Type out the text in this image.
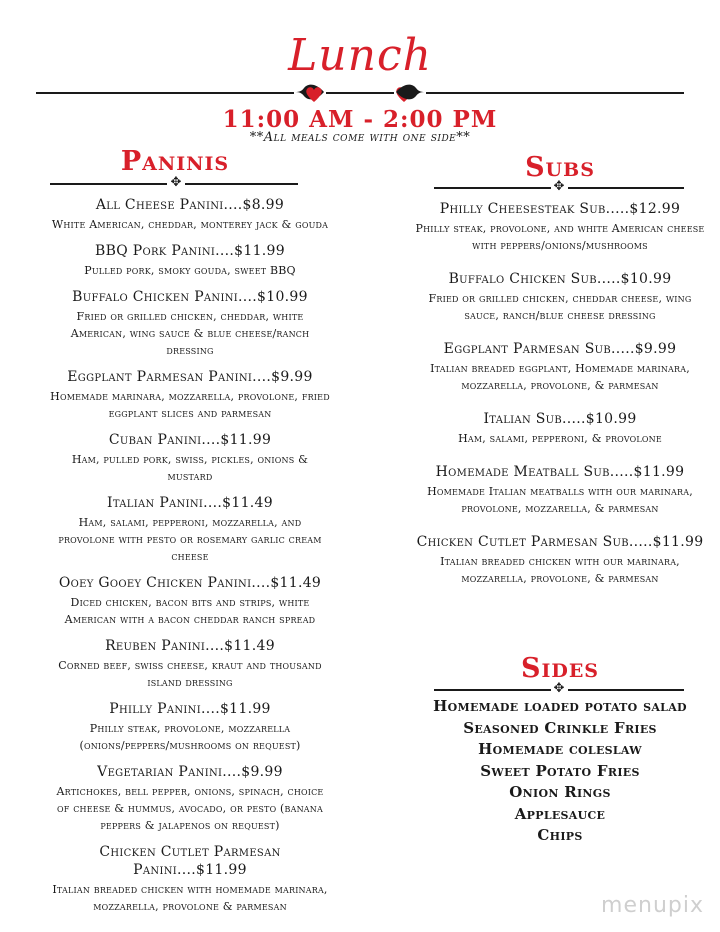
Lunch
11:00 AM - 2:00 PM
**All meals come with one side**
Paninis
✥
All Cheese Panini....$8.99
White American, cheddar, monterey jack & gouda
BBQ Pork Panini....$11.99
Pulled pork, smoky gouda, sweet BBQ
Buffalo Chicken Panini....$10.99
Fried or grilled chicken, cheddar, white American, wing sauce & blue cheese/ranch dressing
Eggplant Parmesan Panini....$9.99
Homemade marinara, mozzarella, provolone, fried eggplant slices and parmesan
Cuban Panini....$11.99
Ham, pulled pork, swiss, pickles, onions & mustard
Italian Panini....$11.49
Ham, salami, pepperoni, mozzarella, and provolone with pesto or rosemary garlic cream cheese
Ooey Gooey Chicken Panini....$11.49
Diced chicken, bacon bits and strips, white American with a bacon cheddar ranch spread
Reuben Panini....$11.49
Corned beef, swiss cheese, kraut and thousand island dressing
Philly Panini....$11.99
Philly steak, provolone, mozzarella (onions/peppers/mushrooms on request)
Vegetarian Panini....$9.99
Artichokes, bell pepper, onions, spinach, choice of cheese & hummus, avocado, or pesto (banana peppers & jalapenos on request)
Chicken Cutlet Parmesan Panini....$11.99
Italian breaded chicken with homemade marinara, mozzarella, provolone & parmesan
Subs
✥
Philly Cheesesteak Sub.....$12.99
Philly steak, provolone, and white American cheese with peppers/onions/mushrooms
Buffalo Chicken Sub.....$10.99
Fried or grilled chicken, cheddar cheese, wing sauce, ranch/blue cheese dressing
Eggplant Parmesan Sub.....$9.99
Italian breaded eggplant, Homemade marinara, mozzarella, provolone, & parmesan
Italian Sub.....$10.99
Ham, salami, pepperoni, & provolone
Homemade Meatball Sub.....$11.99
Homemade Italian meatballs with our marinara, provolone, mozzarella, & parmesan
Chicken Cutlet Parmesan Sub.....$11.99
Italian breaded chicken with our marinara, mozzarella, provolone, & parmesan
Sides
✥
Homemade loaded potato salad
Seasoned Crinkle Fries
Homemade coleslaw
Sweet Potato Fries
Onion Rings
Applesauce
Chips
menupix
